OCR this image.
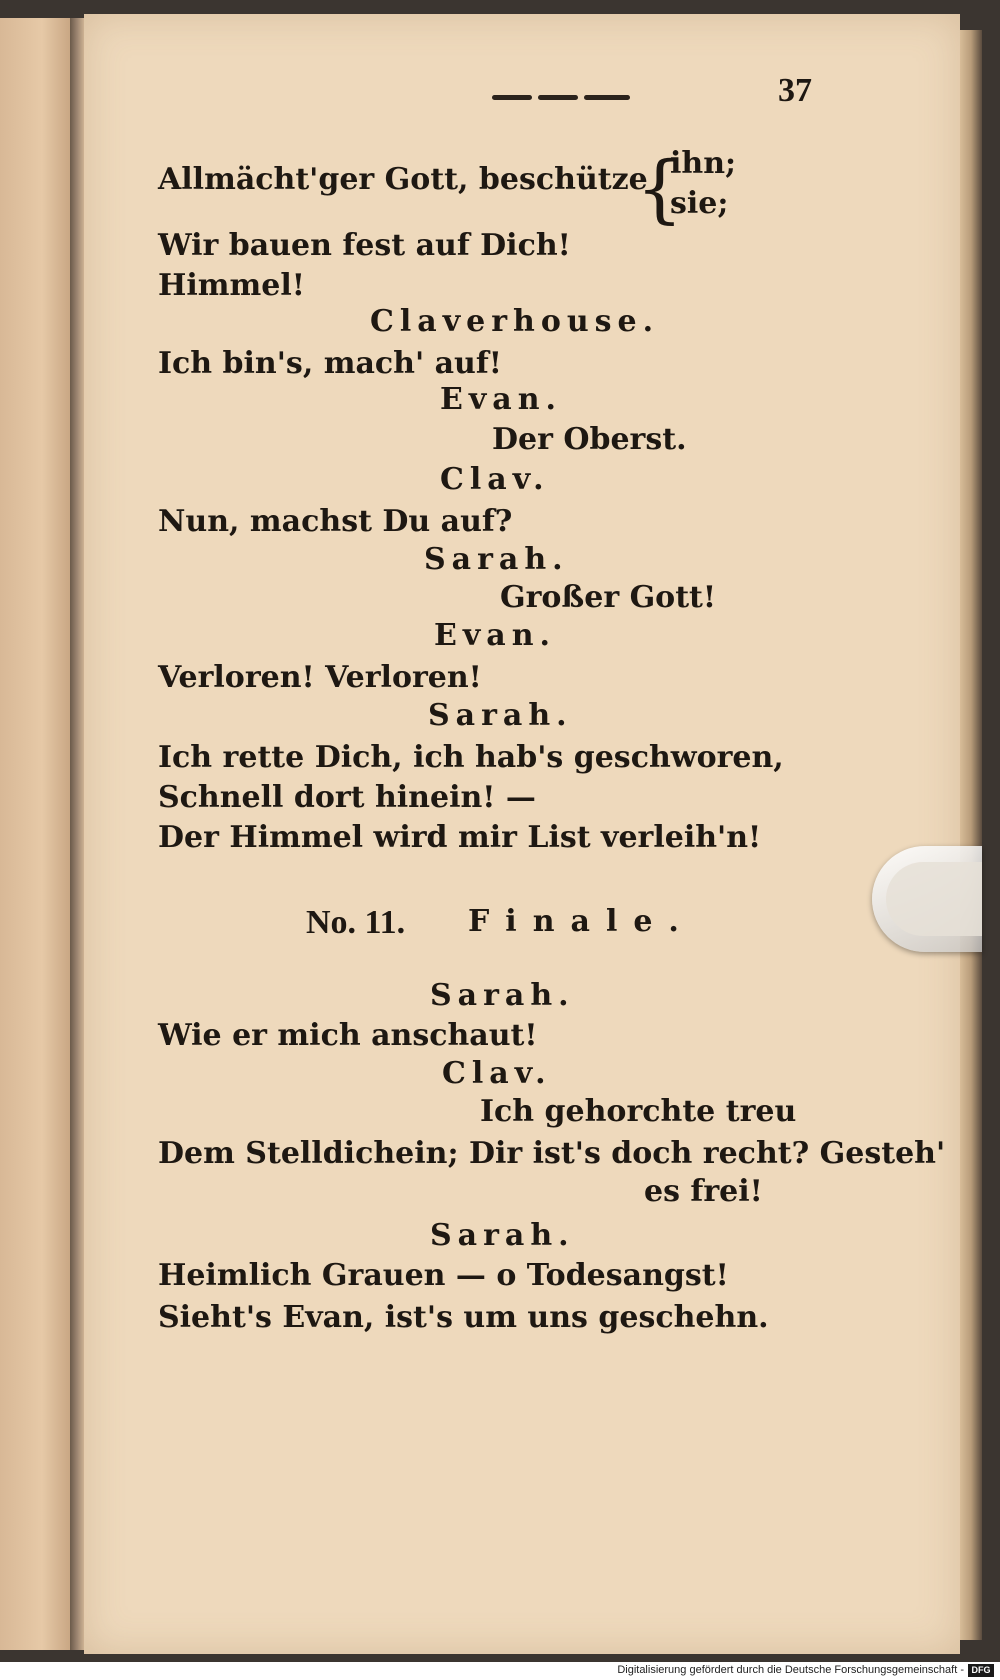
37
Allmächt'ger Gott, beschütze
{
ihn;
sie;
Wir bauen fest auf Dich!
Himmel!
Claverhouse.
Ich bin's, mach' auf!
Evan.
Der Oberst.
Clav.
Nun, machst Du auf?
Sarah.
Großer Gott!
Evan.
Verloren! Verloren!
Sarah.
Ich rette Dich, ich hab's geschworen,
Schnell dort hinein! —
Der Himmel wird mir List verleih'n!
No. 11. Finale.
Sarah.
Wie er mich anschaut!
Clav.
Ich gehorchte treu
Dem Stelldichein; Dir ist's doch recht? Gesteh'
es frei!
Sarah.
Heimlich Grauen — o Todesangst!
Sieht's Evan, ist's um uns geschehn.
Digitalisierung gefördert durch die Deutsche Forschungsgemeinschaft - DFG
